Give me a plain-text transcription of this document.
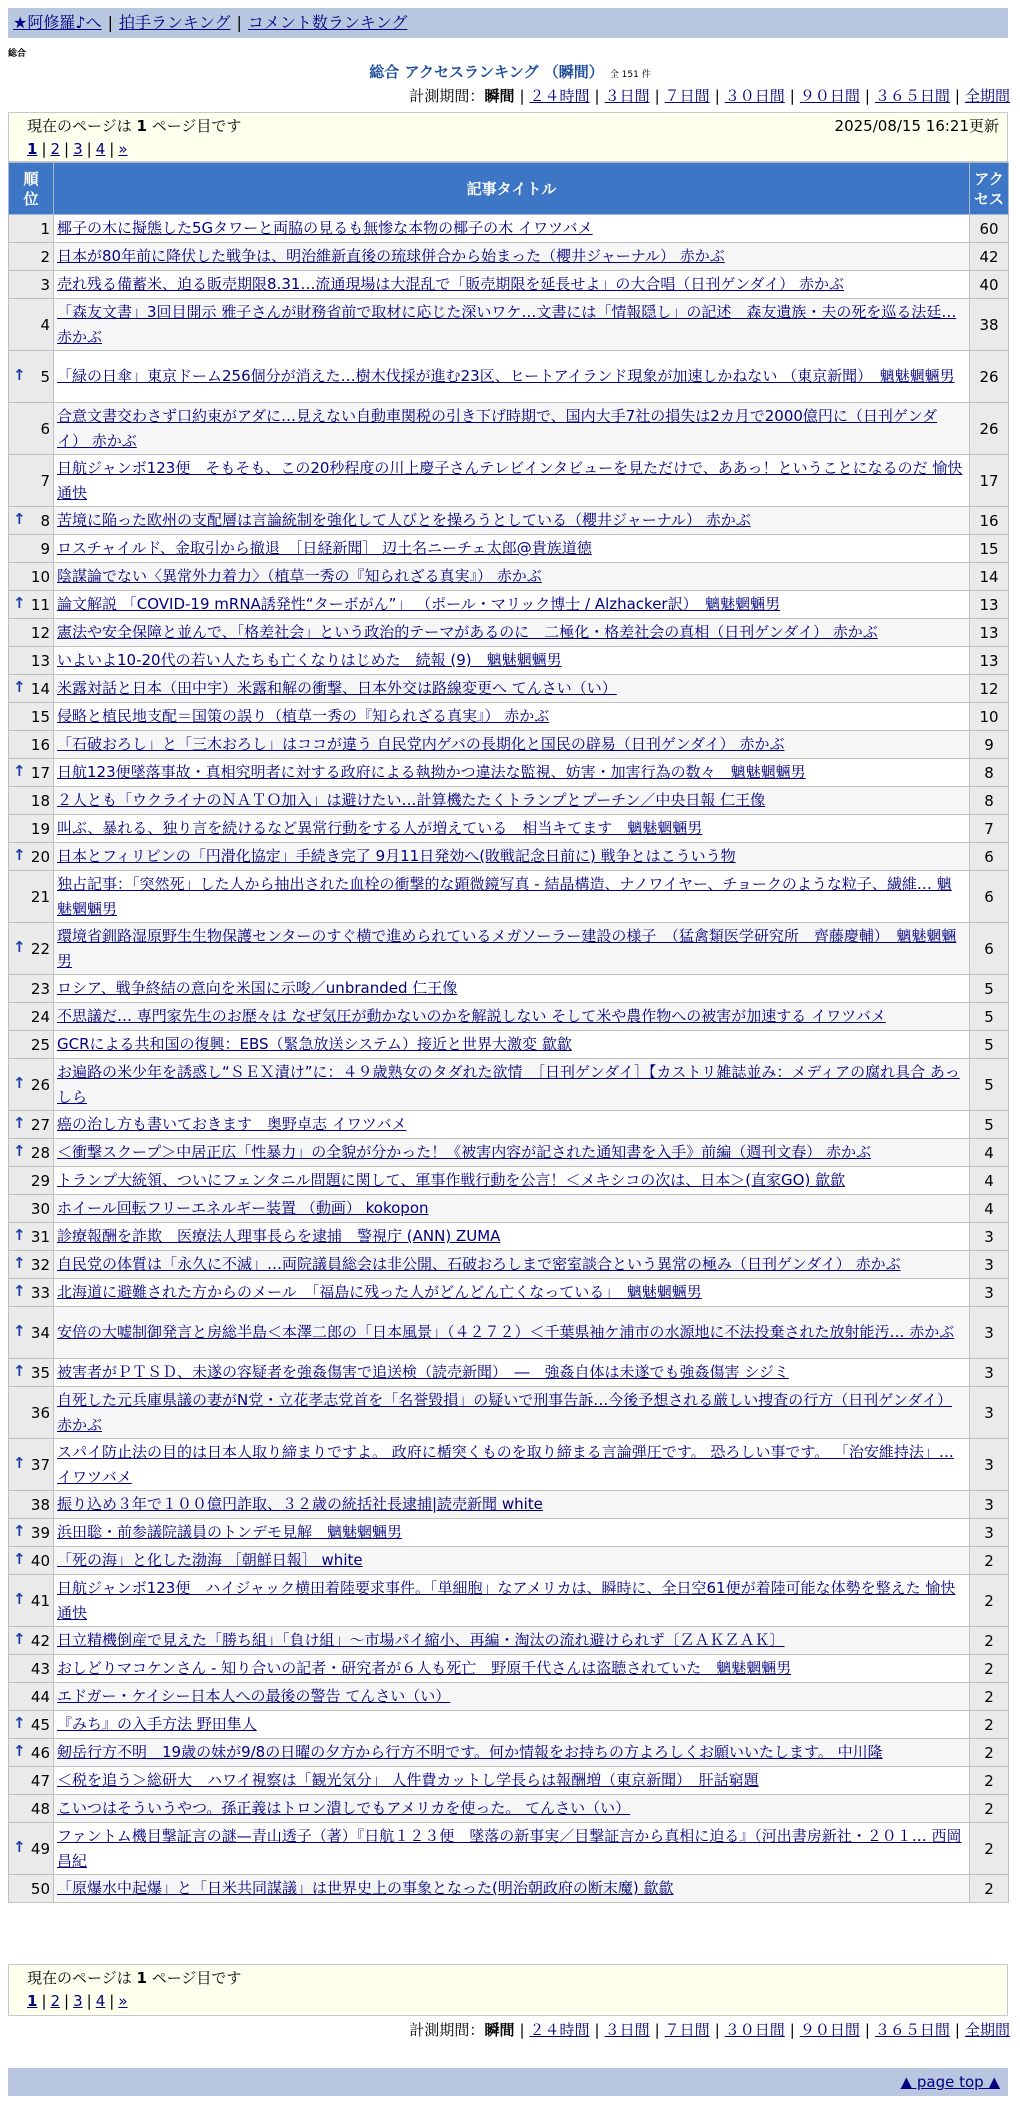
★阿修羅♪へ | 拍手ランキング | コメント数ランキング
総合
総合 アクセスランキング （瞬間） 全 151 件
計測期間：瞬間 | ２４時間 | ３日間 | ７日間 | ３０日間 | ９０日間 | ３６５日間 | 全期間
現在のページは 1 ページ目です	2025/08/15 16:21更新
1 | 2 | 3 | 4 | »
順位	記事タイトル	アクセス
1	椰子の木に擬態した5Gタワーと両脇の見るも無惨な本物の椰子の木 イワツバメ	60
2	日本が80年前に降伏した戦争は、明治維新直後の琉球併合から始まった（櫻井ジャーナル） 赤かぶ	42
3	売れ残る備蓄米、迫る販売期限8.31…流通現場は大混乱で「販売期限を延長せよ」の大合唱（日刊ゲンダイ） 赤かぶ	40
4	「森友文書」3回目開示 雅子さんが財務省前で取材に応じた深いワケ…文書には「情報隠し」の記述　森友遺族・夫の死を巡る法廷… 赤かぶ	38

↑ 5	「緑の日傘」東京ドーム256個分が消えた…樹木伐採が進む23区、ヒートアイランド現象が加速しかねない （東京新聞）　魑魅魍魎男	26
6	合意文書交わさず口約束がアダに…見えない自動車関税の引き下げ時期で、国内大手7社の損失は2カ月で2000億円に（日刊ゲンダイ） 赤かぶ	26
7	日航ジャンボ123便　そもそも、この20秒程度の川上慶子さんテレビインタビューを見ただけで、ああっ！ということになるのだ 愉快通快	17

↑ 8	苦境に陥った欧州の支配層は言論統制を強化して人びとを操ろうとしている（櫻井ジャーナル） 赤かぶ	16
9	ロスチャイルド、金取引から撤退　［日経新聞］ 辺土名ニーチェ太郎@貴族道徳	15
10	陰謀論でない〈異常外力着力〉（植草一秀の『知られざる真実』） 赤かぶ	14

↑ 11	論文解説 「COVID-19 mRNA誘発性“ターボがん”」 （ポール・マリック博士 / Alzhacker訳）　魑魅魍魎男	13
12	憲法や安全保障と並んで、「格差社会」という政治的テーマがあるのに　二極化・格差社会の真相（日刊ゲンダイ） 赤かぶ	13
13	いよいよ10-20代の若い人たちも亡くなりはじめた　続報 (9)　魑魅魍魎男	13

↑ 14	米露対話と日本（田中宇）米露和解の衝撃、日本外交は路線変更へ てんさい（い）	12
15	侵略と植民地支配＝国策の誤り（植草一秀の『知られざる真実』） 赤かぶ	10
16	「石破おろし」と「三木おろし」はココが違う 自民党内ゲバの長期化と国民の辟易（日刊ゲンダイ） 赤かぶ	9

↑ 17	日航123便墜落事故・真相究明者に対する政府による執拗かつ違法な監視、妨害・加害行為の数々　魑魅魍魎男	8
18	２人とも「ウクライナのＮＡＴＯ加入」は避けたい…計算機たたくトランプとプーチン／中央日報 仁王像	8
19	叫ぶ、暴れる、独り言を続けるなど異常行動をする人が増えている　相当キてます　魑魅魍魎男	7

↑ 20	日本とフィリピンの「円滑化協定」手続き完了 9月11日発効へ(敗戦記念日前に) 戦争とはこういう物	6
21	独占記事：「突然死」した人から抽出された血栓の衝撃的な顕微鏡写真 - 結晶構造、ナノワイヤー、チョークのような粒子、繊維… 魑魅魍魎男	6

↑ 22	環境省釧路湿原野生生物保護センターのすぐ横で進められているメガソーラー建設の様子　（猛禽類医学研究所　齊藤慶輔）　魑魅魍魎男	6
23	ロシア、戦争終結の意向を米国に示唆／unbranded 仁王像	5
24	不思議だ… 専門家先生のお歴々は なぜ気圧が動かないのかを解説しない そして米や農作物への被害が加速する イワツバメ	5
25	GCRによる共和国の復興：EBS（緊急放送システム）接近と世界大激変 歙歙	5

↑ 26	お遍路の米少年を誘惑し“ＳＥＸ漬け”に：４９歳熟女のタダれた欲情　［日刊ゲンダイ］【カストリ雑誌並み：メディアの腐れ具合 あっしら	5

↑ 27	癌の治し方も書いておきます　奥野卓志 イワツバメ	5

↑ 28	＜衝撃スクープ＞中居正広「性暴力」の全貌が分かった！《被害内容が記された通知書を入手》前編（週刊文春） 赤かぶ	4
29	トランプ大統領、ついにフェンタニル問題に関して、軍事作戦行動を公言！＜メキシコの次は、日本＞(直家GO) 歙歙	4
30	ホイール回転フリーエネルギー装置 （動画） kokopon	4

↑ 31	診療報酬を詐欺　医療法人理事長らを逮捕　警視庁 (ANN) ZUMA	3

↑ 32	自民党の体質は「永久に不滅」…両院議員総会は非公開、石破おろしまで密室談合という異常の極み（日刊ゲンダイ） 赤かぶ	3

↑ 33	北海道に避難された方からのメール　「福島に残った人がどんどん亡くなっている」　魑魅魍魎男	3

↑ 34	安倍の大嘘制御発言と房総半島＜本澤二郎の「日本風景」（４２７２）＜千葉県袖ケ浦市の水源地に不法投棄された放射能汚… 赤かぶ	3

↑ 35	被害者がＰＴＳＤ、未遂の容疑者を強姦傷害で追送検（読売新聞）　―　強姦自体は未遂でも強姦傷害 シジミ	3
36	自死した元兵庫県議の妻がN党・立花孝志党首を「名誉毀損」の疑いで刑事告訴…今後予想される厳しい捜査の行方（日刊ゲンダイ） 赤かぶ	3

↑ 37	スパイ防止法の目的は日本人取り締まりですよ。 政府に楯突くものを取り締まる言論弾圧です。 恐ろしい事です。 「治安維持法」… イワツバメ	3
38	振り込め３年で１００億円詐取、３２歳の統括社長逮捕|読売新聞 white	3

↑ 39	浜田聡・前参議院議員のトンデモ見解　魑魅魍魎男	3

↑ 40	「死の海」と化した渤海 ［朝鮮日報］ white	2

↑ 41	日航ジャンボ123便　ハイジャック横田着陸要求事件。「単細胞」なアメリカは、瞬時に、全日空61便が着陸可能な体勢を整えた 愉快通快	2

↑ 42	日立精機倒産で見えた「勝ち組」「負け組」～市場パイ縮小、再編・淘汰の流れ避けられず〔ＺＡＫＺＡＫ〕	2
43	おしどりマコケンさん - 知り合いの記者・研究者が６人も死亡　野原千代さんは盗聴されていた　魑魅魍魎男	2
44	エドガー・ケイシー日本人への最後の警告 てんさい（い）	2

↑ 45	『みち』の入手方法 野田隼人	2

↑ 46	剱岳行方不明＿19歳の妹が9/8の日曜の夕方から行方不明です。何か情報をお持ちの方よろしくお願いいたします。 中川隆	2
47	＜税を追う＞総研大　ハワイ視察は「観光気分」 人件費カットし学長らは報酬増（東京新聞）　肝話窮題	2
48	こいつはそういうやつ。孫正義はトロン潰しでもアメリカを使った。 てんさい（い）	2

↑ 49	ファントム機目撃証言の謎—青山透子（著）『日航１２３便　墜落の新事実／目撃証言から真相に迫る』（河出書房新社・２０１… 西岡昌紀	2
50	「原爆水中起爆」と「日米共同謀議」は世界史上の事象となった(明治朝政府の断末魔) 歙歙	2
現在のページは 1 ページ目です
1 | 2 | 3 | 4 | »
計測期間：瞬間 | ２４時間 | ３日間 | ７日間 | ３０日間 | ９０日間 | ３６５日間 | 全期間
▲ page top ▲
